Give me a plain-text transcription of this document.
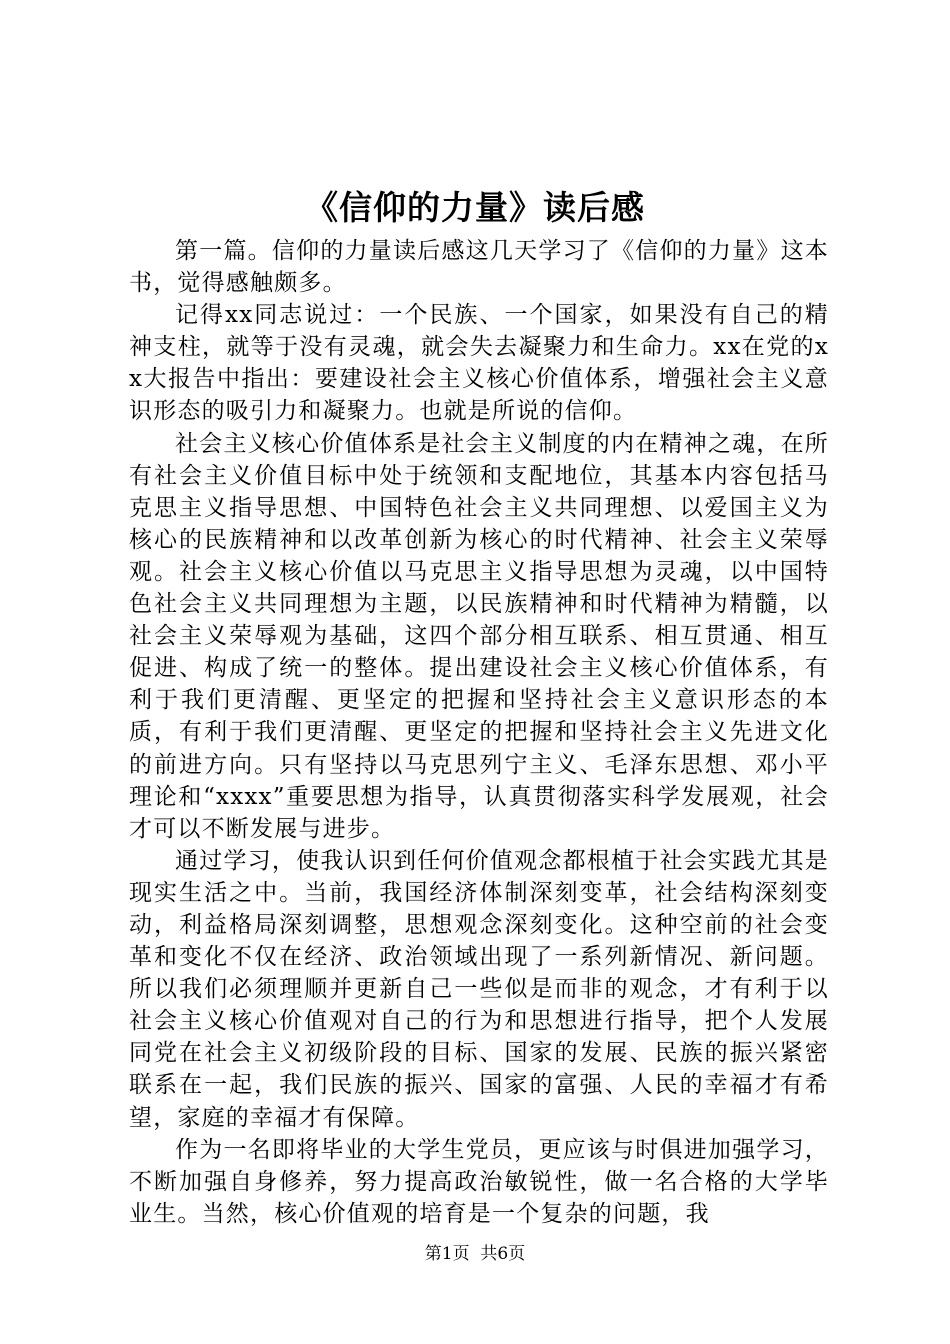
《信仰的力量》读后感

第一篇。信仰的力量读后感这几天学习了《信仰的力量》这本书，觉得感触颇多。

记得xx同志说过：一个民族、一个国家，如果没有自己的精神支柱，就等于没有灵魂，就会失去凝聚力和生命力。xx在党的xx大报告中指出：要建设社会主义核心价值体系，增强社会主义意识形态的吸引力和凝聚力。也就是所说的信仰。

社会主义核心价值体系是社会主义制度的内在精神之魂，在所有社会主义价值目标中处于统领和支配地位，其基本内容包括马克思主义指导思想、中国特色社会主义共同理想、以爱国主义为核心的民族精神和以改革创新为核心的时代精神、社会主义荣辱观。社会主义核心价值以马克思主义指导思想为灵魂，以中国特色社会主义共同理想为主题，以民族精神和时代精神为精髓，以社会主义荣辱观为基础，这四个部分相互联系、相互贯通、相互促进、构成了统一的整体。提出建设社会主义核心价值体系，有利于我们更清醒、更坚定的把握和坚持社会主义意识形态的本质，有利于我们更清醒、更坚定的把握和坚持社会主义先进文化的前进方向。只有坚持以马克思列宁主义、毛泽东思想、邓小平理论和“xxxx”重要思想为指导，认真贯彻落实科学发展观，社会才可以不断发展与进步。

通过学习，使我认识到任何价值观念都根植于社会实践尤其是现实生活之中。当前，我国经济体制深刻变革，社会结构深刻变动，利益格局深刻调整，思想观念深刻变化。这种空前的社会变革和变化不仅在经济、政治领域出现了一系列新情况、新问题。所以我们必须理顺并更新自己一些似是而非的观念，才有利于以社会主义核心价值观对自己的行为和思想进行指导，把个人发展同党在社会主义初级阶段的目标、国家的发展、民族的振兴紧密联系在一起，我们民族的振兴、国家的富强、人民的幸福才有希望，家庭的幸福才有保障。

作为一名即将毕业的大学生党员，更应该与时俱进加强学习，不断加强自身修养，努力提高政治敏锐性，做一名合格的大学毕业生。当然，核心价值观的培育是一个复杂的问题，我

第1页  共6页
